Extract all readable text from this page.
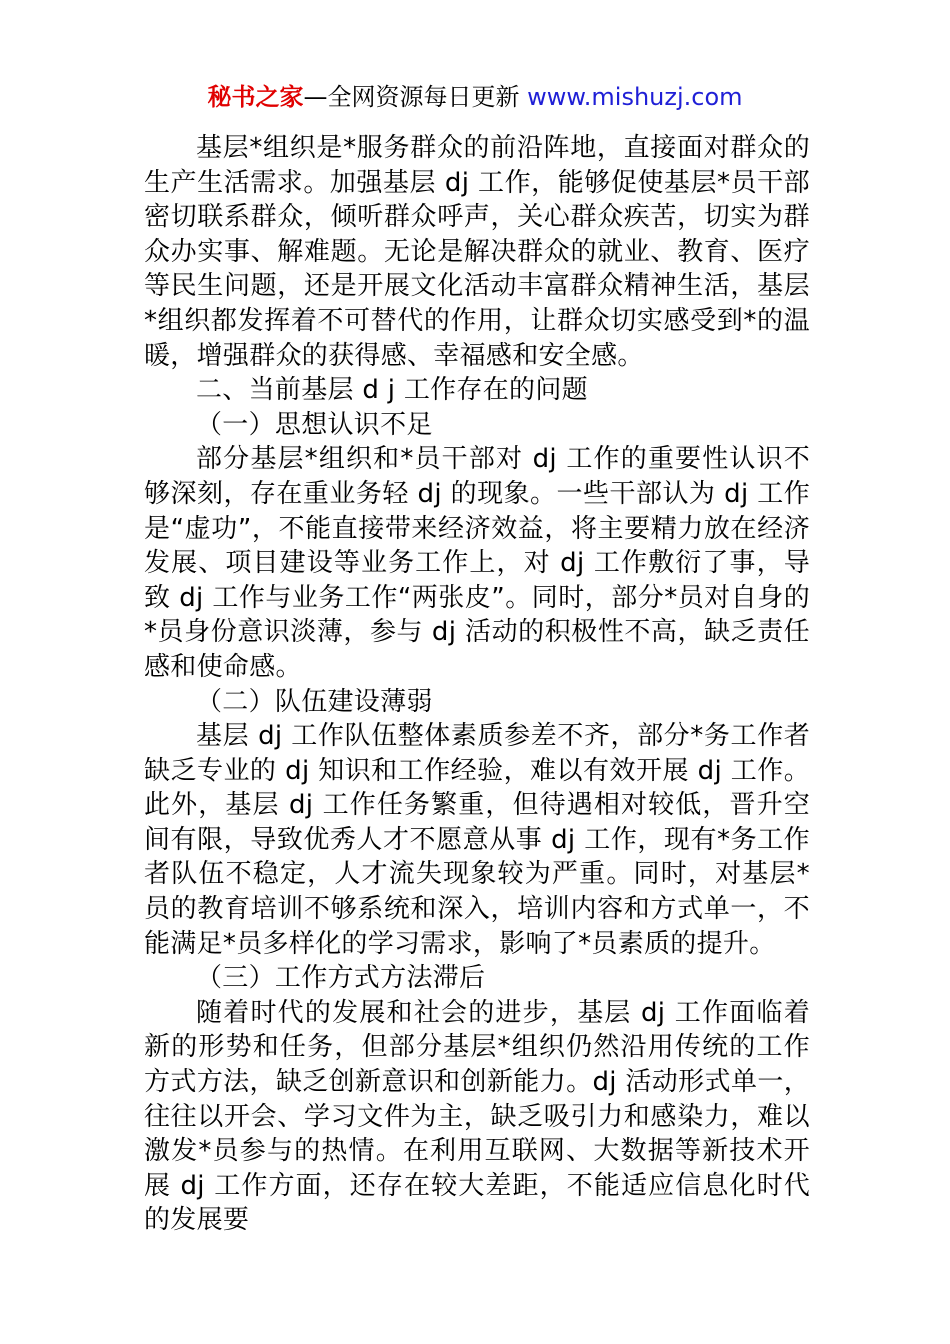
秘书之家—全网资源每日更新 www.mishuzj.com

基层*组织是*服务群众的前沿阵地，直接面对群众的生产生活需求。加强基层 dj 工作，能够促使基层*员干部密切联系群众，倾听群众呼声，关心群众疾苦，切实为群众办实事、解难题。无论是解决群众的就业、教育、医疗等民生问题，还是开展文化活动丰富群众精神生活，基层*组织都发挥着不可替代的作用，让群众切实感受到*的温暖，增强群众的获得感、幸福感和安全感。

二、当前基层 d j 工作存在的问题

（一）思想认识不足

部分基层*组织和*员干部对 dj 工作的重要性认识不够深刻，存在重业务轻 dj 的现象。一些干部认为 dj 工作是“虚功”，不能直接带来经济效益，将主要精力放在经济发展、项目建设等业务工作上，对 dj 工作敷衍了事，导致 dj 工作与业务工作“两张皮”。同时，部分*员对自身的*员身份意识淡薄，参与 dj 活动的积极性不高，缺乏责任感和使命感。

（二）队伍建设薄弱

基层 dj 工作队伍整体素质参差不齐，部分*务工作者缺乏专业的 dj 知识和工作经验，难以有效开展 dj 工作。此外，基层 dj 工作任务繁重，但待遇相对较低，晋升空间有限，导致优秀人才不愿意从事 dj 工作，现有*务工作者队伍不稳定，人才流失现象较为严重。同时，对基层*员的教育培训不够系统和深入，培训内容和方式单一，不能满足*员多样化的学习需求，影响了*员素质的提升。

（三）工作方式方法滞后

随着时代的发展和社会的进步，基层 dj 工作面临着新的形势和任务，但部分基层*组织仍然沿用传统的工作方式方法，缺乏创新意识和创新能力。dj 活动形式单一，往往以开会、学习文件为主，缺乏吸引力和感染力，难以激发*员参与的热情。在利用互联网、大数据等新技术开展 dj 工作方面，还存在较大差距，不能适应信息化时代的发展要
